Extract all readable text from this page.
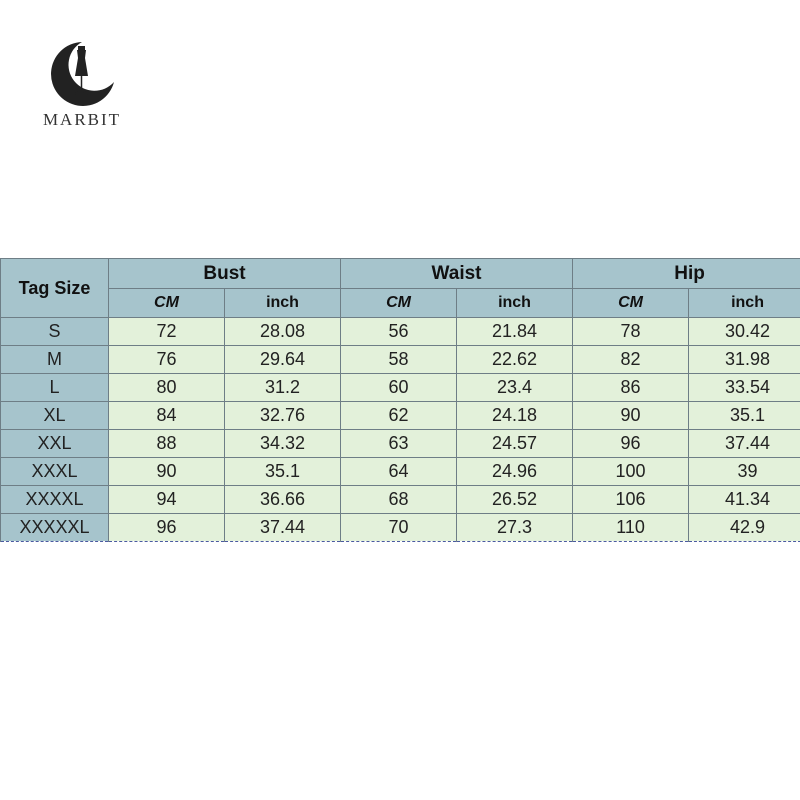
MARBIT
Tag Size	Bust		Waist		Hip	
	CM	inch	CM	inch	CM	inch
S	72	28.08	56	21.84	78	30.42
M	76	29.64	58	22.62	82	31.98
L	80	31.2	60	23.4	86	33.54
XL	84	32.76	62	24.18	90	35.1
XXL	88	34.32	63	24.57	96	37.44
XXXL	90	35.1	64	24.96	100	39
XXXXL	94	36.66	68	26.52	106	41.34
XXXXXL	96	37.44	70	27.3	110	42.9
